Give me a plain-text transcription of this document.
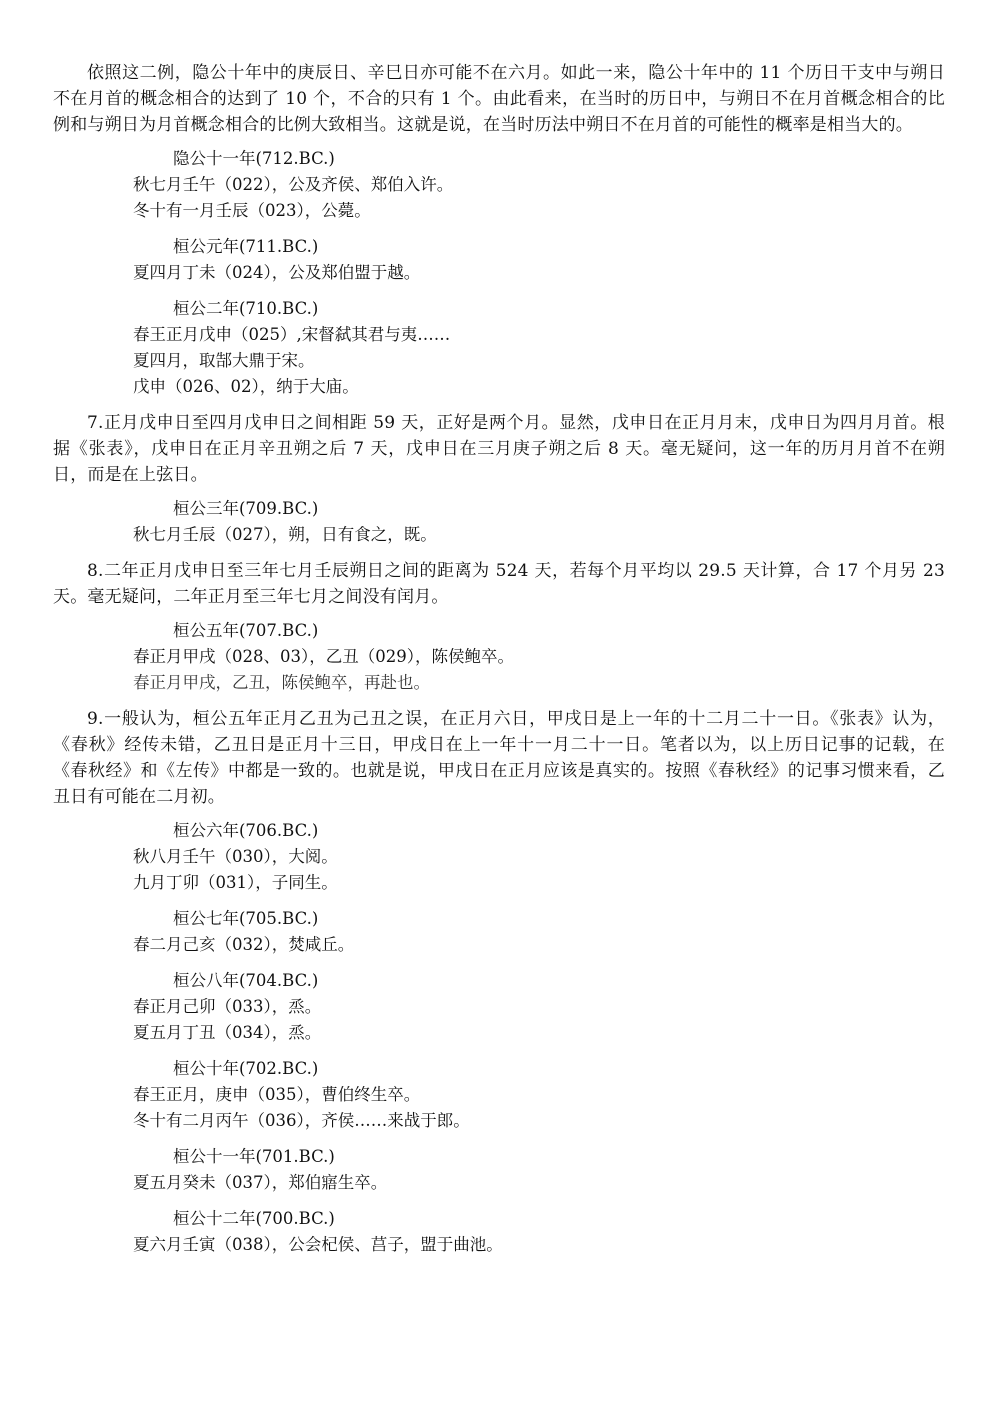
依照这二例，隐公十年中的庚辰日、辛巳日亦可能不在六月。如此一来，隐公十年中的 11 个历日干支中与朔日不在月首的概念相合的达到了 10 个，不合的只有 1 个。由此看来，在当时的历日中，与朔日不在月首概念相合的比例和与朔日为月首概念相合的比例大致相当。这就是说，在当时历法中朔日不在月首的可能性的概率是相当大的。

隐公十一年(712.BC.)

秋七月壬午（022），公及齐侯、郑伯入许。

冬十有一月壬辰（023），公薨。

桓公元年(711.BC.)

夏四月丁未（024），公及郑伯盟于越。

桓公二年(710.BC.)

春王正月戊申（025）,宋督弑其君与夷……

夏四月，取郜大鼎于宋。

戊申（026、02），纳于大庙。

7.正月戊申日至四月戊申日之间相距 59 天，正好是两个月。显然，戊申日在正月月末，戊申日为四月月首。根据《张表》，戊申日在正月辛丑朔之后 7 天，戊申日在三月庚子朔之后 8 天。毫无疑问，这一年的历月月首不在朔日，而是在上弦日。

桓公三年(709.BC.)

秋七月壬辰（027），朔，日有食之，既。

8.二年正月戊申日至三年七月壬辰朔日之间的距离为 524 天，若每个月平均以 29.5 天计算，合 17 个月另 23 天。毫无疑问，二年正月至三年七月之间没有闰月。

桓公五年(707.BC.)

春正月甲戌（028、03），乙丑（029），陈侯鲍卒。

春正月甲戌，乙丑，陈侯鲍卒，再赴也。

9.一般认为，桓公五年正月乙丑为己丑之误，在正月六日，甲戌日是上一年的十二月二十一日。《张表》认为，《春秋》经传未错，乙丑日是正月十三日，甲戌日在上一年十一月二十一日。笔者以为，以上历日记事的记载，在《春秋经》和《左传》中都是一致的。也就是说，甲戌日在正月应该是真实的。按照《春秋经》的记事习惯来看，乙丑日有可能在二月初。

桓公六年(706.BC.)

秋八月壬午（030），大阅。

九月丁卯（031），子同生。

桓公七年(705.BC.)

春二月己亥（032），焚咸丘。

桓公八年(704.BC.)

春正月己卯（033），烝。

夏五月丁丑（034），烝。

桓公十年(702.BC.)

春王正月，庚申（035），曹伯终生卒。

冬十有二月丙午（036），齐侯……来战于郎。

桓公十一年(701.BC.)

夏五月癸未（037），郑伯寤生卒。

桓公十二年(700.BC.)

夏六月壬寅（038），公会杞侯、莒子，盟于曲池。
